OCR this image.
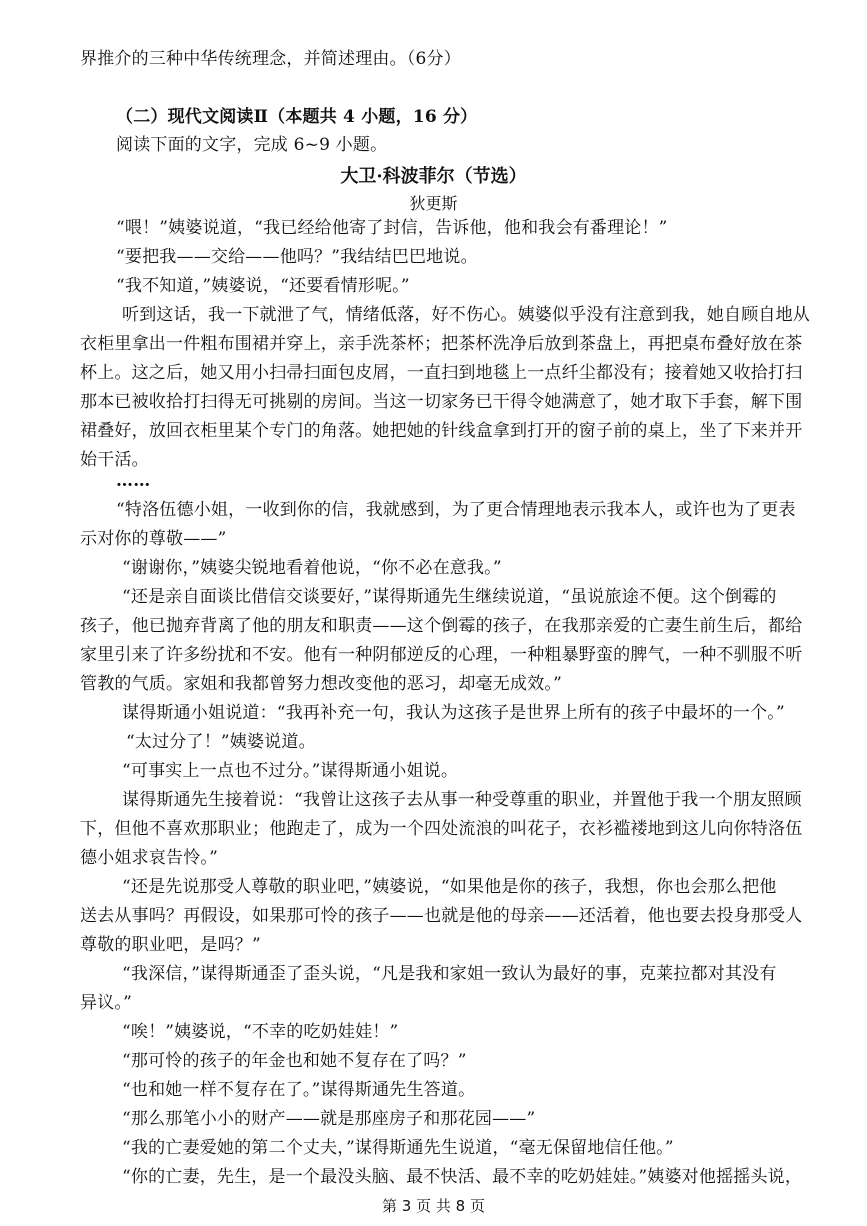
界推介的三种中华传统理念，并简述理由。（6分）
（二）现代文阅读Ⅱ（本题共 4 小题，16 分）
阅读下面的文字，完成 6~9 小题。
大卫·科波菲尔（节选）
狄更斯
“喂！”姨婆说道，“我已经给他寄了封信，告诉他，他和我会有番理论！”
“要把我——交给——他吗？”我结结巴巴地说。
“我不知道，”姨婆说，“还要看情形呢。”
听到这话，我一下就泄了气，情绪低落，好不伤心。姨婆似乎没有注意到我，她自顾自地从
衣柜里拿出一件粗布围裙并穿上，亲手洗茶杯；把茶杯洗净后放到茶盘上，再把桌布叠好放在茶
杯上。这之后，她又用小扫帚扫面包皮屑，一直扫到地毯上一点纤尘都没有；接着她又收拾打扫
那本已被收拾打扫得无可挑剔的房间。当这一切家务已干得令她满意了，她才取下手套，解下围
裙叠好，放回衣柜里某个专门的角落。她把她的针线盒拿到打开的窗子前的桌上，坐了下来并开
始干活。
……
“特洛伍德小姐，一收到你的信，我就感到，为了更合情理地表示我本人，或许也为了更表
示对你的尊敬——”
“谢谢你，”姨婆尖锐地看着他说，“你不必在意我。”
“还是亲自面谈比借信交谈要好，”谋得斯通先生继续说道，“虽说旅途不便。这个倒霉的
孩子，他已抛弃背离了他的朋友和职责——这个倒霉的孩子，在我那亲爱的亡妻生前生后，都给
家里引来了许多纷扰和不安。他有一种阴郁逆反的心理，一种粗暴野蛮的脾气，一种不驯服不听
管教的气质。家姐和我都曾努力想改变他的恶习，却毫无成效。”
谋得斯通小姐说道：“我再补充一句，我认为这孩子是世界上所有的孩子中最坏的一个。”
“太过分了！”姨婆说道。
“可事实上一点也不过分。”谋得斯通小姐说。
谋得斯通先生接着说：“我曾让这孩子去从事一种受尊重的职业，并置他于我一个朋友照顾
下，但他不喜欢那职业；他跑走了，成为一个四处流浪的叫花子，衣衫褴褛地到这儿向你特洛伍
德小姐求哀告怜。”
“还是先说那受人尊敬的职业吧，”姨婆说，“如果他是你的孩子，我想，你也会那么把他
送去从事吗？再假设，如果那可怜的孩子——也就是他的母亲——还活着，他也要去投身那受人
尊敬的职业吧，是吗？”
“我深信，”谋得斯通歪了歪头说，“凡是我和家姐一致认为最好的事，克莱拉都对其没有
异议。”
“唉！”姨婆说，“不幸的吃奶娃娃！”
“那可怜的孩子的年金也和她不复存在了吗？”
“也和她一样不复存在了。”谋得斯通先生答道。
“那么那笔小小的财产——就是那座房子和那花园——”
“我的亡妻爱她的第二个丈夫，”谋得斯通先生说道，“毫无保留地信任他。”
“你的亡妻，先生，是一个最没头脑、最不快活、最不幸的吃奶娃娃。”姨婆对他摇摇头说，
第 3 页 共 8 页
